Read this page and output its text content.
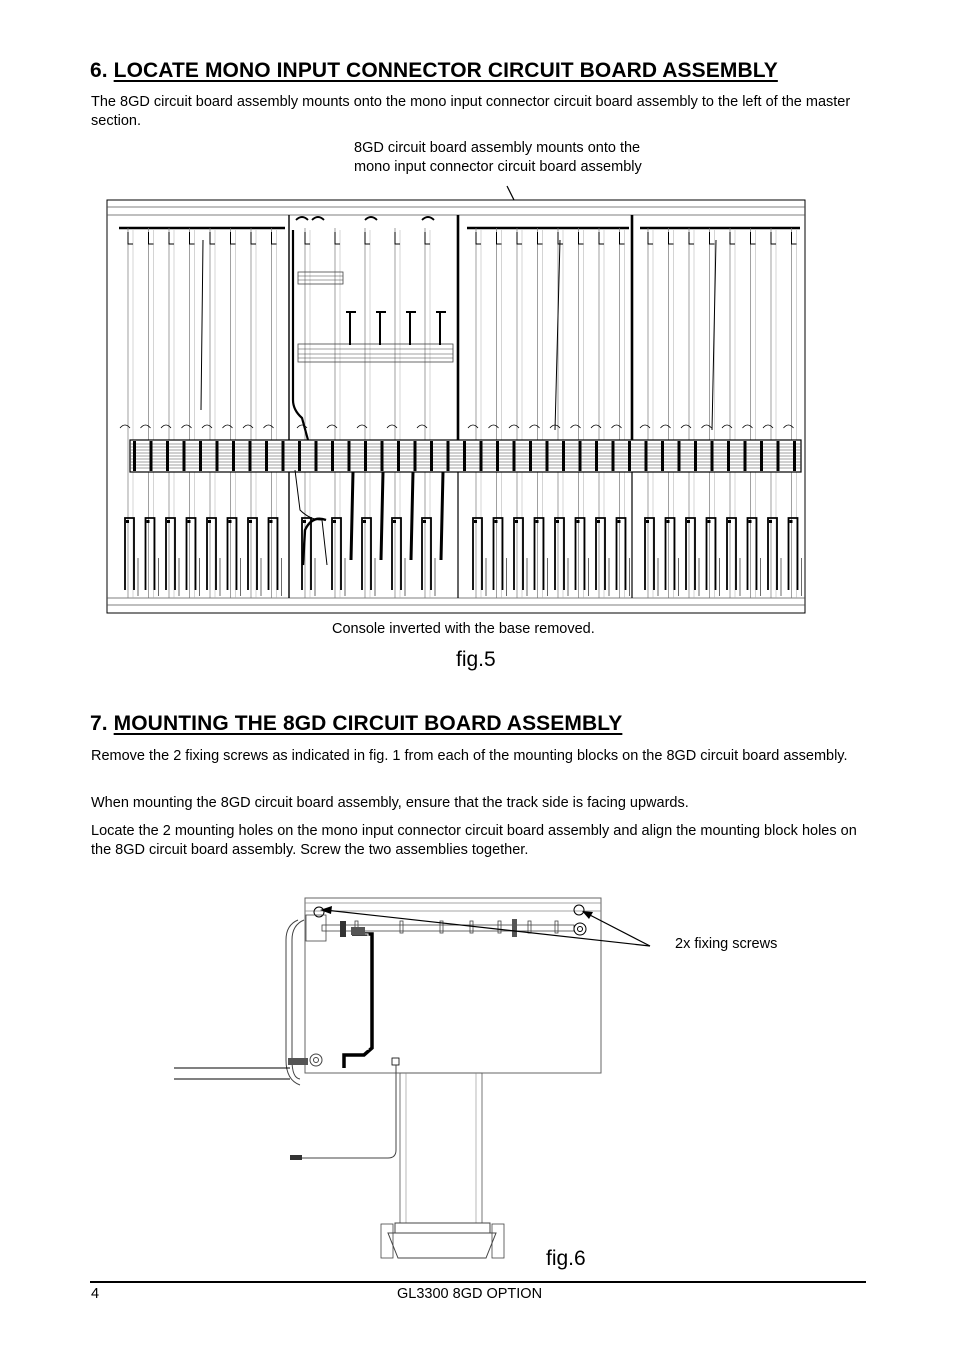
6. LOCATE MONO INPUT CONNECTOR CIRCUIT BOARD ASSEMBLY
The 8GD circuit board assembly mounts onto the mono input connector circuit board assembly to the left of the master section.
8GD circuit board assembly mounts onto the
mono input connector circuit board assembly
Console inverted with the base removed.
fig.5
7. MOUNTING THE 8GD CIRCUIT BOARD ASSEMBLY
Remove the 2 fixing screws as indicated in fig. 1 from each of the mounting blocks on the 8GD circuit board assembly.
When mounting the 8GD circuit board assembly, ensure that the track side is facing upwards.
Locate the 2 mounting holes on the mono input connector circuit board assembly and align the mounting block holes on the 8GD circuit board assembly. Screw the two assemblies together.
2x fixing screws
fig.6
4	GL3300 8GD OPTION
